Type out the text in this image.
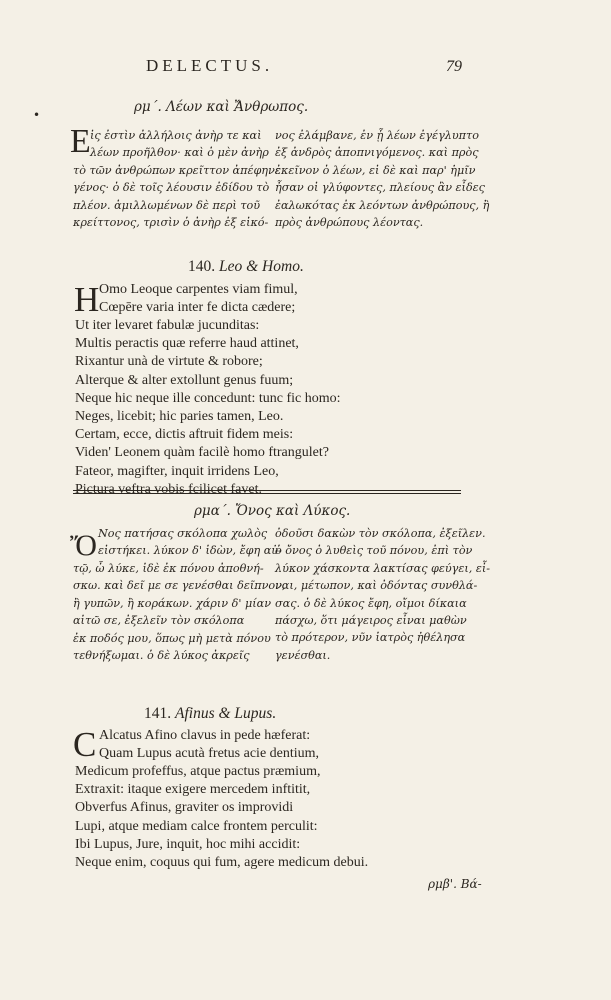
DELECTUS.	79
•	ρμ΄. Λέων καὶ Ἄνθρωπος.
Ε ἰς ἐστὶν ἀλλήλοις ἀνὴρ τε καὶ
λέων προῆλθον· καὶ ὁ μὲν ἀνὴρ
τὸ τῶν ἀνθρώπων κρεῖττον ἀπέφηνε
γένος· ὁ δὲ τοῖς λέουσιν ἐδίδου τὸ
πλέον. ἁμιλλωμένων δὲ περὶ τοῦ
κρείττονος, τρισὶν ὁ ἀνὴρ ἐξ εἰκό-
νος ἐλάμβανε, ἐν ᾗ λέων ἐγέγλυπτο
ἐξ ἀνδρὸς ἀποπνιγόμενος. καὶ πρὸς
ἐκεῖνον ὁ λέων, εἰ δὲ καὶ παρ' ἡμῖν
ἦσαν οἱ γλύφοντες, πλείους ἂν εἶδες
ἐαλωκότας ἐκ λεόντων ἀνθρώπους, ἢ
πρὸς ἀνθρώπους λέοντας.
140. Leo & Homo.
H Omo Leoque carpentes viam fimul,
Cœpēre varia inter fe dicta cædere;
Ut iter levaret fabulæ jucunditas:
Multis peractis quæ referre haud attinet,
Rixantur unà de virtute & robore;
Alterque & alter extollunt genus fuum;
Neque hic neque ille concedunt: tunc fic homo:
Neges, licebit; hic paries tamen, Leo.
Certam, ecce, dictis aftruit fidem meis:
Viden' Leonem quàm facilè homo ftrangulet?
Fateor, magifter, inquit irridens Leo,
Pictura veftra vobis fcilicet favet.
ρμα΄. Ὄνος καὶ Λύκος.
Ὄ Νος πατήσας σκόλοπα χωλὸς
εἱστήκει. λύκον δ' ἰδὼν, ἔφη αὐ-
τῷ, ὦ λύκε, ἰδὲ ἐκ πόνου ἀποθνή-
σκω. καὶ δεῖ με σε γενέσθαι δεῖπνον,
ἢ γυπῶν, ἢ κοράκων. χάριν δ' μίαν
αἰτῶ σε, ἐξελεῖν τὸν σκόλοπα
ἐκ ποδός μου, ὅπως μὴ μετὰ πόνου
τεθνήξωμαι. ὁ δὲ λύκος ἀκρεῖς
ὀδοῦσι δακὼν τὸν σκόλοπα, ἐξεῖλεν.
ὁ ὄνος ὁ λυθεὶς τοῦ πόνου, ἐπὶ τὸν
λύκον χάσκοντα λακτίσας φεύγει, εἶ-
ναι, μέτωπον, καὶ ὀδόντας συνθλά-
σας. ὁ δὲ λύκος ἔφη, οἴμοι δίκαια
πάσχω, ὅτι μάγειρος εἶναι μαθὼν
τὸ πρότερον, νῦν ἰατρὸς ἠθέλησα
γενέσθαι.
141. Afinus & Lupus.
C Alcatus Afino clavus in pede hæferat:
Quam Lupus acutà fretus acie dentium,
Medicum profeffus, atque pactus præmium,
Extraxit: itaque exigere mercedem inftitit,
Obverfus Afinus, graviter os improvidi
Lupi, atque mediam calce frontem perculit:
Ibi Lupus, Jure, inquit, hoc mihi accidit:
Neque enim, coquus qui fum, agere medicum debui.
ρμβ'. Βά-
